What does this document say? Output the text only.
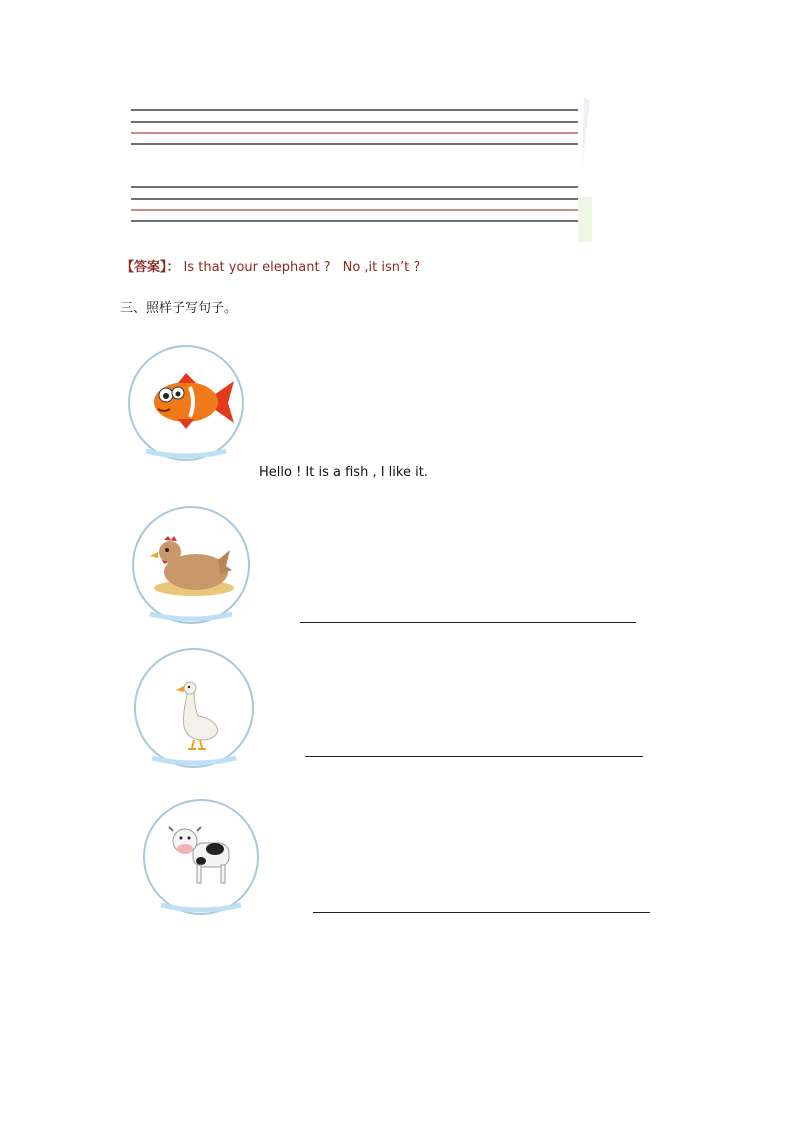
【答案】： Is that your elephant ? No ,it isn’t ?
三、照样子写句子。
Hello ! It is a fish , I like it.
